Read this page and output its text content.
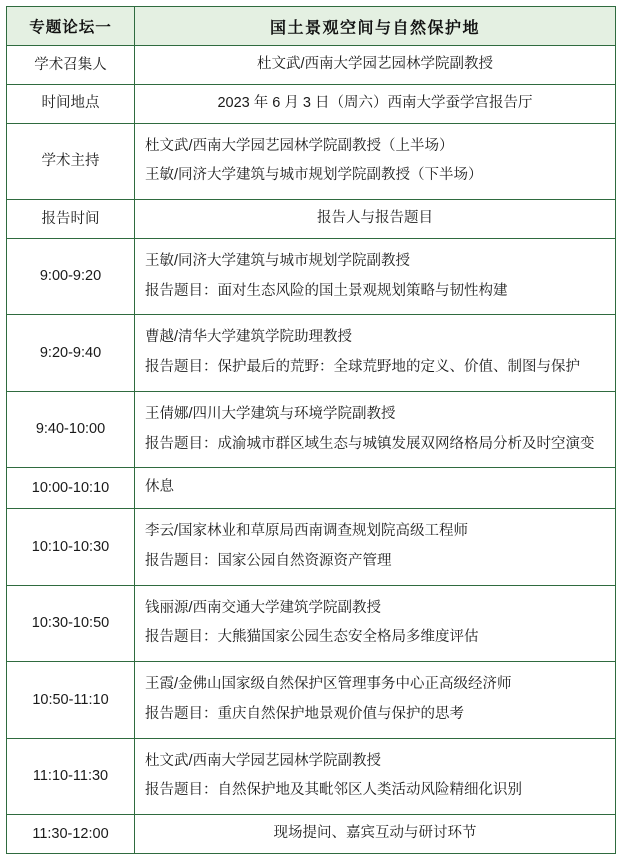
专题论坛一	国土景观空间与自然保护地

学术召集人	杜文武/西南大学园艺园林学院副教授

时间地点	2023 年 6 月 3 日（周六）西南大学蚕学宫报告厅

学术主持	杜文武/西南大学园艺园林学院副教授（上半场）
王敏/同济大学建筑与城市规划学院副教授（下半场）

报告时间	报告人与报告题目

9:00-9:20	王敏/同济大学建筑与城市规划学院副教授
报告题目：面对生态风险的国土景观规划策略与韧性构建

9:20-9:40	曹越/清华大学建筑学院助理教授
报告题目：保护最后的荒野：全球荒野地的定义、价值、制图与保护

9:40-10:00	王倩娜/四川大学建筑与环境学院副教授
报告题目：成渝城市群区域生态与城镇发展双网络格局分析及时空演变

10:00-10:10	休息

10:10-10:30	李云/国家林业和草原局西南调查规划院高级工程师
报告题目：国家公园自然资源资产管理

10:30-10:50	钱丽源/西南交通大学建筑学院副教授
报告题目：大熊猫国家公园生态安全格局多维度评估

10:50-11:10	王霞/金佛山国家级自然保护区管理事务中心正高级经济师
报告题目：重庆自然保护地景观价值与保护的思考

11:10-11:30	杜文武/西南大学园艺园林学院副教授
报告题目：自然保护地及其毗邻区人类活动风险精细化识别

11:30-12:00	现场提问、嘉宾互动与研讨环节
